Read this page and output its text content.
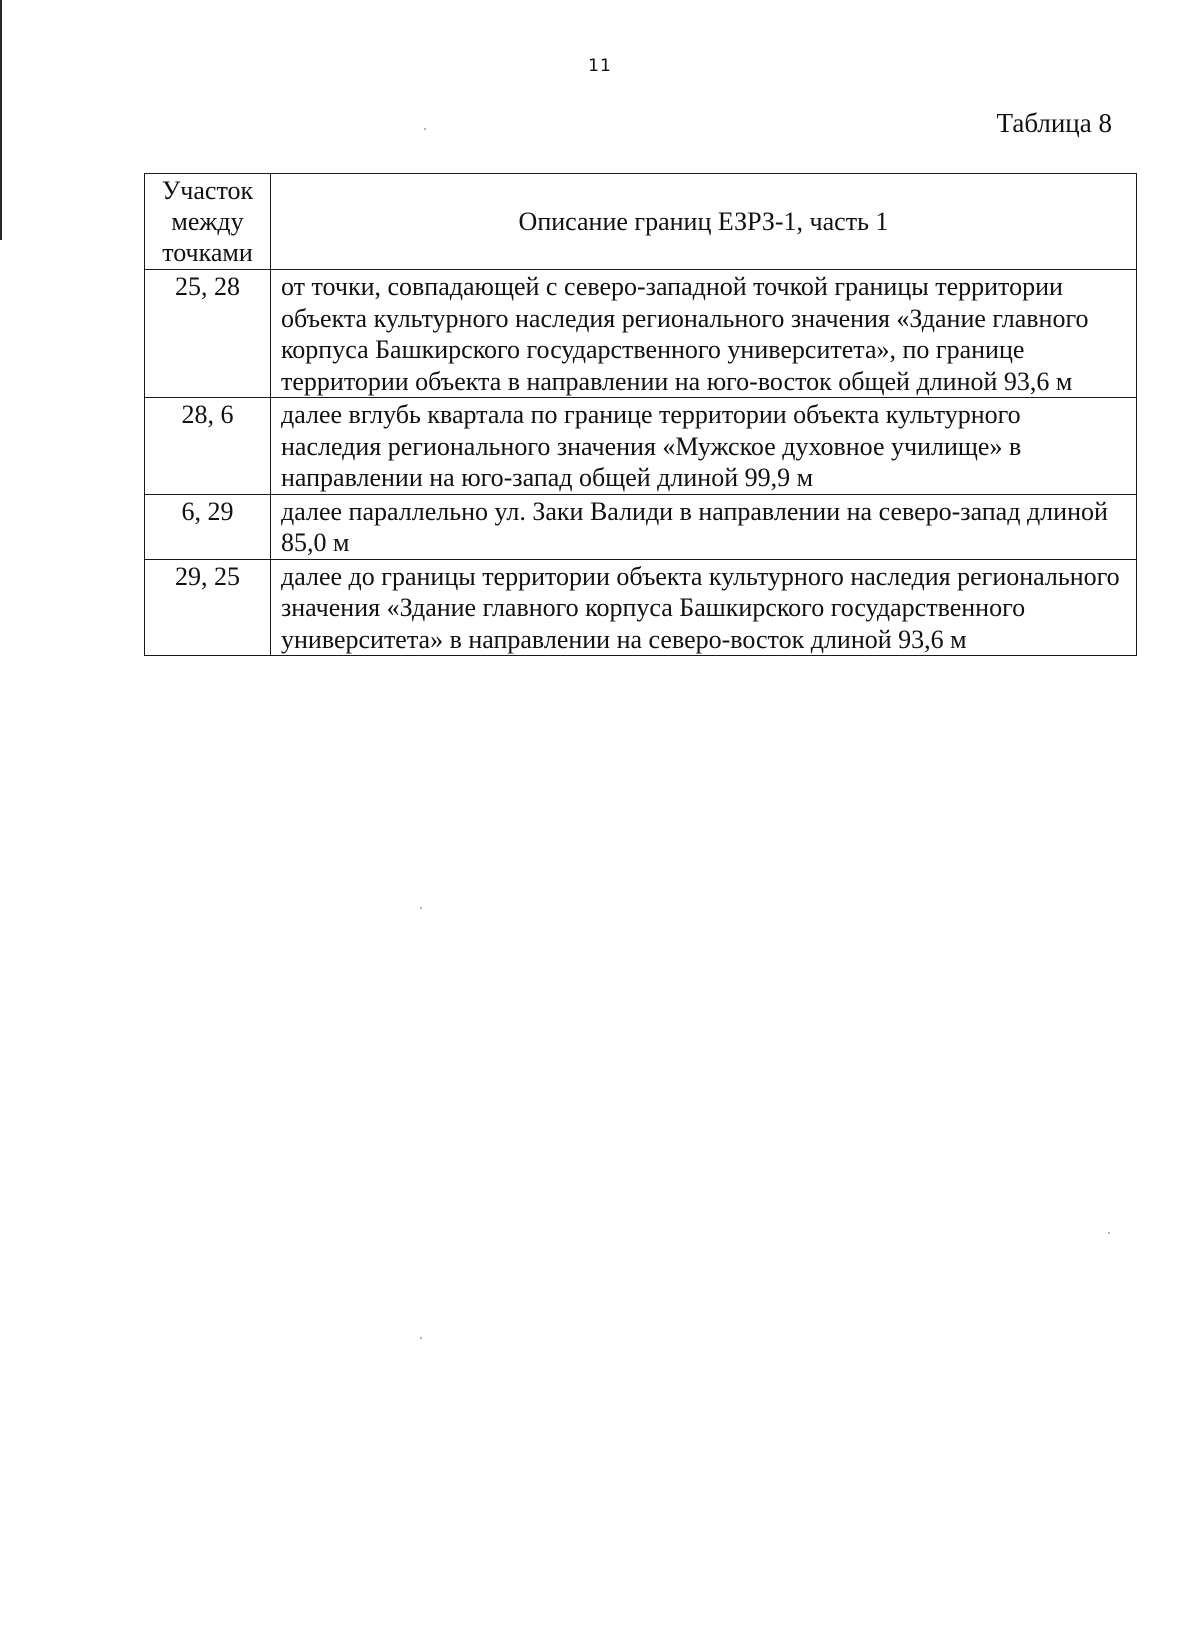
11
Таблица 8
Участок между точками	Описание границ ЕЗРЗ-1, часть 1
25, 28	от точки, совпадающей с северо-западной точкой границы территории объекта культурного наследия регионального значения «Здание главного корпуса Башкирского государственного университета», по границе территории объекта в направлении на юго-восток общей длиной 93,6 м
28, 6	далее вглубь квартала по границе территории объекта культурного наследия регионального значения «Мужское духовное училище» в направлении на юго-запад общей длиной 99,9 м
6, 29	далее параллельно ул. Заки Валиди в направлении на северо-запад длиной 85,0 м
29, 25	далее до границы территории объекта культурного наследия регионального значения «Здание главного корпуса Башкирского государственного университета» в направлении на северо-восток длиной 93,6 м
